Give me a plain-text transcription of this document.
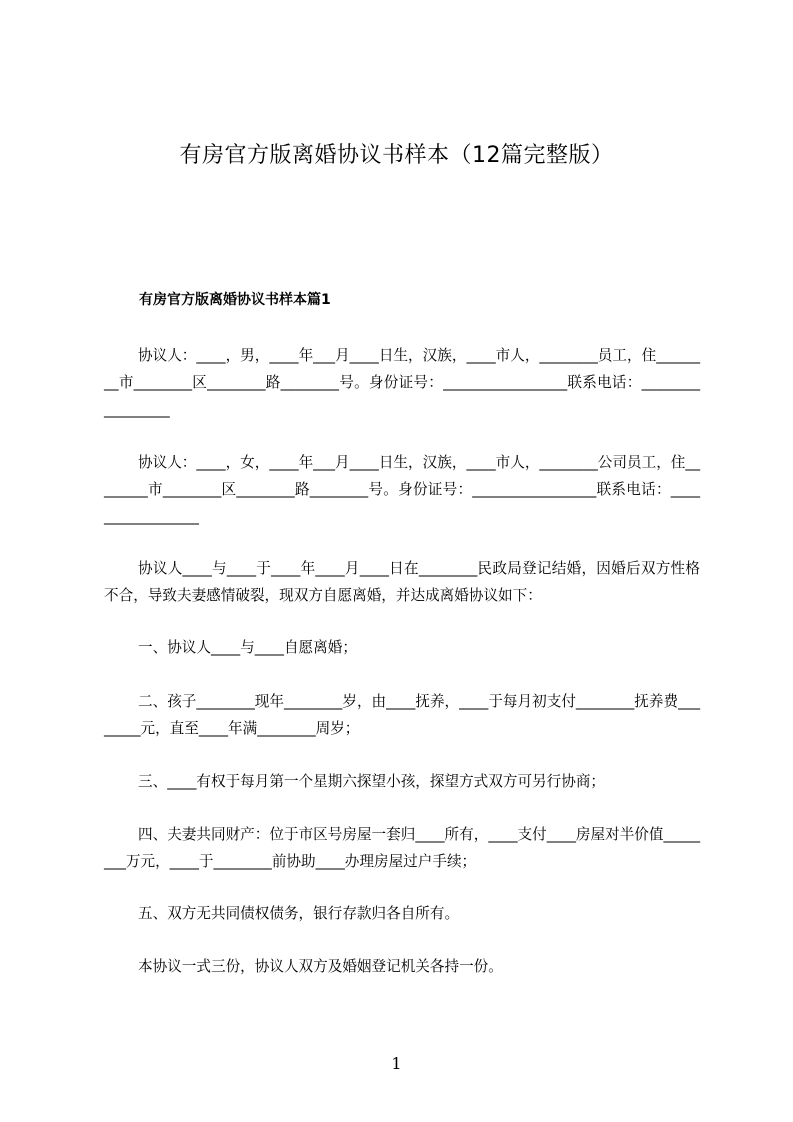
有房官方版离婚协议书样本（12篇完整版）
有房官方版离婚协议书样本篇1

协议人：____，男，____年___月____日生，汉族，____市人，________员工，住________市________区________路________号。身份证号：_________________联系电话：_________________

协议人：____，女，____年___月____日生，汉族，____市人，________公司员工，住________市________区________路________号。身份证号：_________________联系电话：_________________

协议人____与____于____年____月____日在________民政局登记结婚，因婚后双方性格不合，导致夫妻感情破裂，现双方自愿离婚，并达成离婚协议如下：

一、协议人____与____自愿离婚；

二、孩子________现年________岁，由____抚养，____于每月初支付________抚养费________元，直至____年满________周岁；

三、____有权于每月第一个星期六探望小孩，探望方式双方可另行协商；

四、夫妻共同财产：位于市区号房屋一套归____所有，____支付____房屋对半价值________万元，____于________前协助____办理房屋过户手续；

五、双方无共同债权债务，银行存款归各自所有。

本协议一式三份，协议人双方及婚姻登记机关各持一份。

1
